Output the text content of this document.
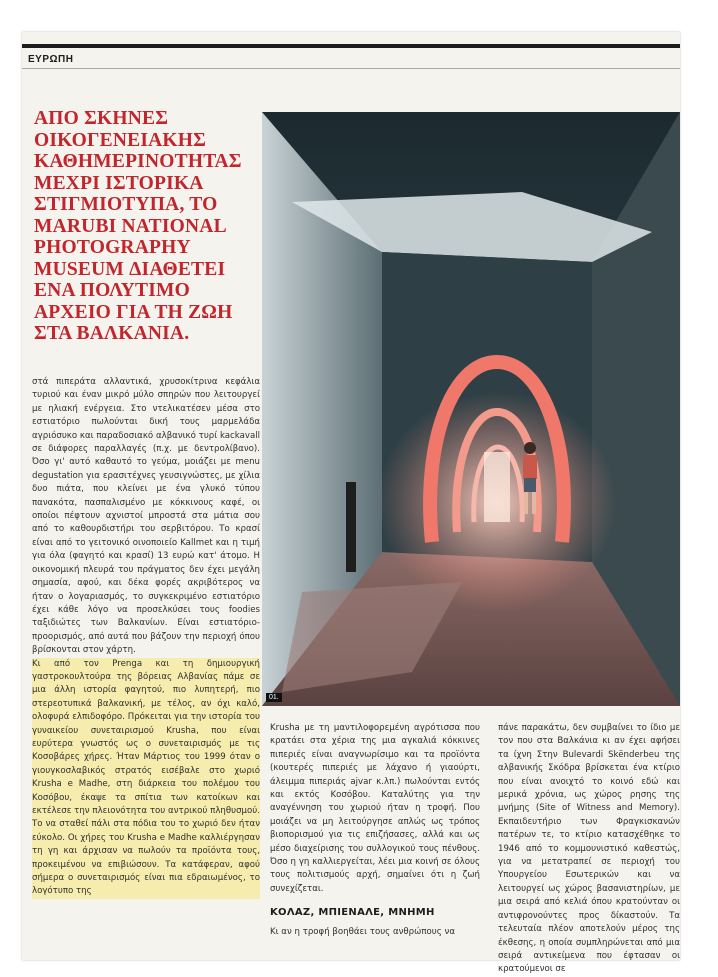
ΕΥΡΩΠΗ
ΑΠΟ ΣΚΗΝΕΣ ΟΙΚΟΓΕΝΕΙΑΚΗΣ ΚΑΘΗΜΕΡΙΝΟΤΗΤΑΣ ΜΕΧΡΙ ΙΣΤΟΡΙΚΑ ΣΤΙΓΜΙΟΤΥΠΑ, ΤΟ MARUBI NATIONAL PHOTOGRAPHY MUSEUM ΔΙΑΘΕΤΕΙ ΕΝΑ ΠΟΛΥΤΙΜΟ ΑΡΧΕΙΟ ΓΙΑ ΤΗ ΖΩΗ ΣΤΑ ΒΑΛΚΑΝΙΑ.
01.

στά πιπεράτα αλλαντικά, χρυσοκίτρινα κεφάλια τυριού και έναν μικρό μύλο σπηρών που λειτουργεί με ηλιακή ενέργεια. Στο ντελικατέσεν μέσα στο εστιατόριο πωλούνται δική τους μαρμελάδα αγριόσυκο και παραδοσιακό αλβανικό τυρί kackavall σε διάφορες παραλλαγές (π.χ. με δεντρολίβανο). Όσο γι' αυτό καθαυτό το γεύμα, μοιάζει με menu degustation για ερασιτέχνες γευσιγνώστες, με χίλια δυο πιάτα, που κλείνει με ένα γλυκό τύπου πανακότα, πασπαλισμένο με κόκκινους καφέ, οι οποίοι πέφτουν αχνιστοί μπροστά στα μάτια σου από το καθουρδιστήρι του σερβιτόρου. Το κρασί είναι από το γειτονικό οινοποιείο Kallmet και η τιμή για όλα (φαγητό και κρασί) 13 ευρώ κατ' άτομο. Η οικονομική πλευρά του πράγματος δεν έχει μεγάλη σημασία, αφού, και δέκα φορές ακριβότερος να ήταν ο λογαριασμός, το συγκεκριμένο εστιατόριο έχει κάθε λόγο να προσελκύσει τους foodies ταξιδιώτες των Βαλκανίων. Είναι εστιατόριο-προορισμός, από αυτά που βάζουν την περιοχή όπου βρίσκονται στον χάρτη.

Κι από τον Prenga και τη δημιουργική γαστροκουλτούρα της βόρειας Αλβανίας πάμε σε μια άλλη ιστορία φαγητού, πιο λυπητερή, πιο στερεοτυπικά βαλκανική, με τέλος, αν όχι καλό, ολοφυρά ελπιδοφόρο. Πρόκειται για την ιστορία του γυναικείου συνεταιρισμού Krusha, που είναι ευρύτερα γνωστός ως ο συνεταιρισμός με τις Κοσοβάρες χήρες. Ήταν Μάρτιος του 1999 όταν ο γιουγκοσλαβικός στρατός εισέβαλε στο χωριό Krusha e Madhe, στη διάρκεια του πολέμου του Κοσόβου, έκαψε τα σπίτια των κατοίκων και εκτέλεσε την πλειονότητα του αντρικού πληθυσμού. Το να σταθεί πάλι στα πόδια του το χωριό δεν ήταν εύκολο. Οι χήρες του Krusha e Madhe καλλιέργησαν τη γη και άρχισαν να πωλούν τα προϊόντα τους, προκειμένου να επιβιώσουν. Τα κατάφεραν, αφού σήμερα ο συνεταιρισμός είναι πια εδραιωμένος, το λογότυπο της

Krusha με τη μαντιλοφορεμένη αγρότισσα που κρατάει στα χέρια της μια αγκαλιά κόκκινες πιπεριές είναι αναγνωρίσιμο και τα προϊόντα (κουτερές πιπεριές με λάχανο ή γιαούρτι, άλειμμα πιπεριάς ajvar κ.λπ.) πωλούνται εντός και εκτός Κοσόβου. Καταλύτης για την αναγέννηση του χωριού ήταν η τροφή. Που μοιάζει να μη λειτούργησε απλώς ως τρόπος βιοπορισμού για τις επιζήσασες, αλλά και ως μέσο διαχείρισης του συλλογικού τους πένθους. Όσο η γη καλλιεργείται, λέει μια κοινή σε όλους τους πολιτισμούς αρχή, σημαίνει ότι η ζωή συνεχίζεται.

ΚΟΛΑΖ, ΜΠΙΕΝΑΛΕ, ΜΝΗΜΗ

Κι αν η τροφή βοηθάει τους ανθρώπους να

πάνε παρακάτω, δεν συμβαίνει το ίδιο με τον που στα Βαλκάνια κι αν έχει αφήσει τα ίχνη Στην Bulevardi Skënderbeu της αλβανικής Σκόδρα βρίσκεται ένα κτίριο που είναι ανοιχτό το κοινό εδώ και μερικά χρόνια, ως χώρος ρησης της μνήμης (Site of Witness and Memory). Εκπαιδευτήριο των Φραγκισκανών πατέρων τε, το κτίριο κατασχέθηκε το 1946 από το κομμουνιστικό καθεστώς, για να μετατραπεί σε περιοχή του Υπουργείου Εσωτερικών και να λειτουργεί ως χώρος βασανιστηρίων, με μια σειρά από κελιά όπου κρατούνταν οι αντιφρονούντες προς δίκαστούν. Τα τελευταία πλέον αποτελούν μέρος της έκθεσης, η οποία συμπληρώνεται από μια σειρά αντικείμενα που έφτασαν οι κρατούμενοι σε
